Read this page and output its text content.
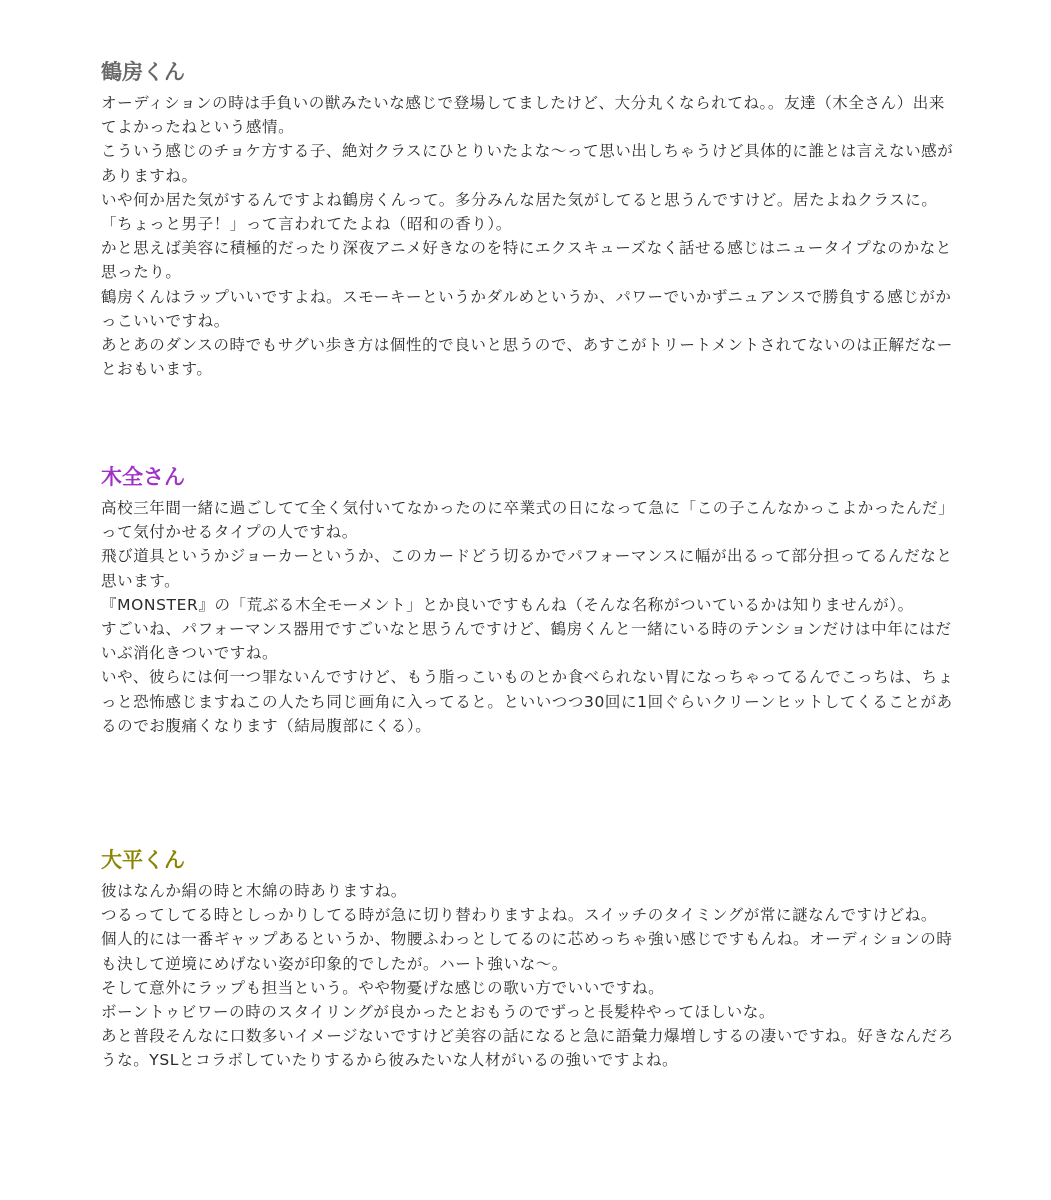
鶴房くん

オーディションの時は手負いの獣みたいな感じで登場してましたけど、大分丸くなられてね。。友達（木全さん）出来てよかったねという感情。

こういう感じのチョケ方する子、絶対クラスにひとりいたよな〜って思い出しちゃうけど具体的に誰とは言えない感がありますね。

いや何か居た気がするんですよね鶴房くんって。多分みんな居た気がしてると思うんですけど。居たよねクラスに。「ちょっと男子！」って言われてたよね（昭和の香り）。

かと思えば美容に積極的だったり深夜アニメ好きなのを特にエクスキューズなく話せる感じはニュータイプなのかなと思ったり。

鶴房くんはラップいいですよね。スモーキーというかダルめというか、パワーでいかずニュアンスで勝負する感じがかっこいいですね。

あとあのダンスの時でもサグい歩き方は個性的で良いと思うので、あすこがトリートメントされてないのは正解だなーとおもいます。

木全さん

高校三年間一緒に過ごしてて全く気付いてなかったのに卒業式の日になって急に「この子こんなかっこよかったんだ」って気付かせるタイプの人ですね。

飛び道具というかジョーカーというか、このカードどう切るかでパフォーマンスに幅が出るって部分担ってるんだなと思います。

『MONSTER』の「荒ぶる木全モーメント」とか良いですもんね（そんな名称がついているかは知りませんが）。

すごいね、パフォーマンス器用ですごいなと思うんですけど、鶴房くんと一緒にいる時のテンションだけは中年にはだいぶ消化きついですね。

いや、彼らには何一つ罪ないんですけど、もう脂っこいものとか食べられない胃になっちゃってるんでこっちは、ちょっと恐怖感じますねこの人たち同じ画角に入ってると。といいつつ30回に1回ぐらいクリーンヒットしてくることがあるのでお腹痛くなります（結局腹部にくる）。

大平くん

彼はなんか絹の時と木綿の時ありますね。

つるってしてる時としっかりしてる時が急に切り替わりますよね。スイッチのタイミングが常に謎なんですけどね。

個人的には一番ギャップあるというか、物腰ふわっとしてるのに芯めっちゃ強い感じですもんね。オーディションの時も決して逆境にめげない姿が印象的でしたが。ハート強いな〜。

そして意外にラップも担当という。やや物憂げな感じの歌い方でいいですね。

ボーントゥビワーの時のスタイリングが良かったとおもうのでずっと長髪枠やってほしいな。

あと普段そんなに口数多いイメージないですけど美容の話になると急に語彙力爆増しするの凄いですね。好きなんだろうな。YSLとコラボしていたりするから彼みたいな人材がいるの強いですよね。
